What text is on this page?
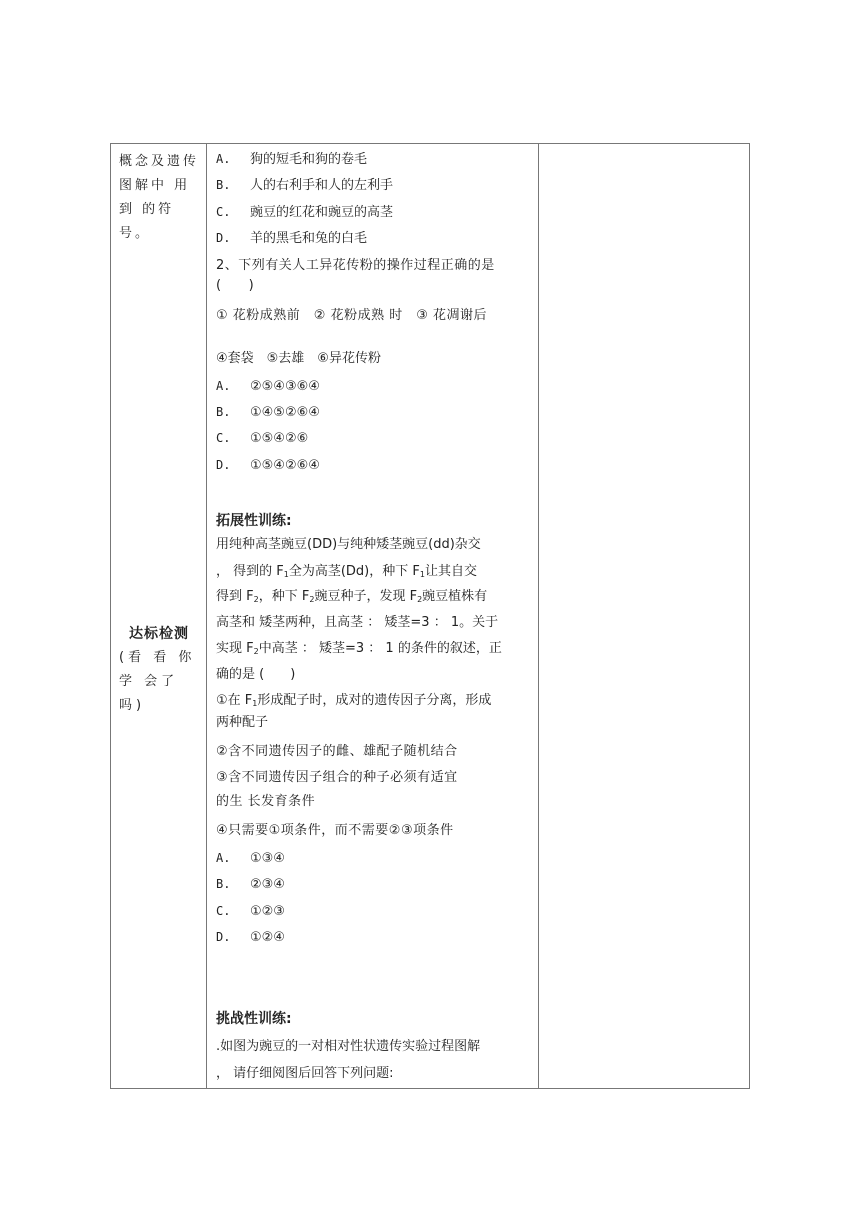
概念及遗传 图解中 用到 的符 号。
达标检测
(看 看 你 学 会了吗)
A. 狗的短毛和狗的卷毛
B. 人的右利手和人的左利手
C. 豌豆的红花和豌豆的高茎
D. 羊的黑毛和兔的白毛
2、下列有关人工异花传粉的操作过程正确的是 (　　)
① 花粉成熟前　② 花粉成熟 时　③ 花凋谢后
④套袋　⑤去雄　⑥异花传粉
A. ②⑤④③⑥④
B. ①④⑤②⑥④
C. ①⑤④②⑥
D. ①⑤④②⑥④
拓展性训练:
用纯种高茎豌豆(DD)与纯种矮茎豌豆(dd)杂交
， 得到的 F1全为高茎(Dd)，种下 F1让其自交
得到 F2，种下 F2豌豆种子，发现 F2豌豆植株有
高茎和 矮茎两种，且高茎 ： 矮茎=3 ： 1。关于
实现 F2中高茎 ： 矮茎=3 ： 1 的条件的叙述，正
确的是 (　　)
①在 F1形成配子时，成对的遗传因子分离，形成
两种配子
②含不同遗传因子的雌、雄配子随机结合
③含不同遗传因子组合的种子必须有适宜
的生 长发育条件
④只需要①项条件，而不需要②③项条件
A. ①③④
B. ②③④
C. ①②③
D. ①②④
挑战性训练:
.如图为豌豆的一对相对性状遗传实验过程图解
， 请仔细阅图后回答下列问题:
